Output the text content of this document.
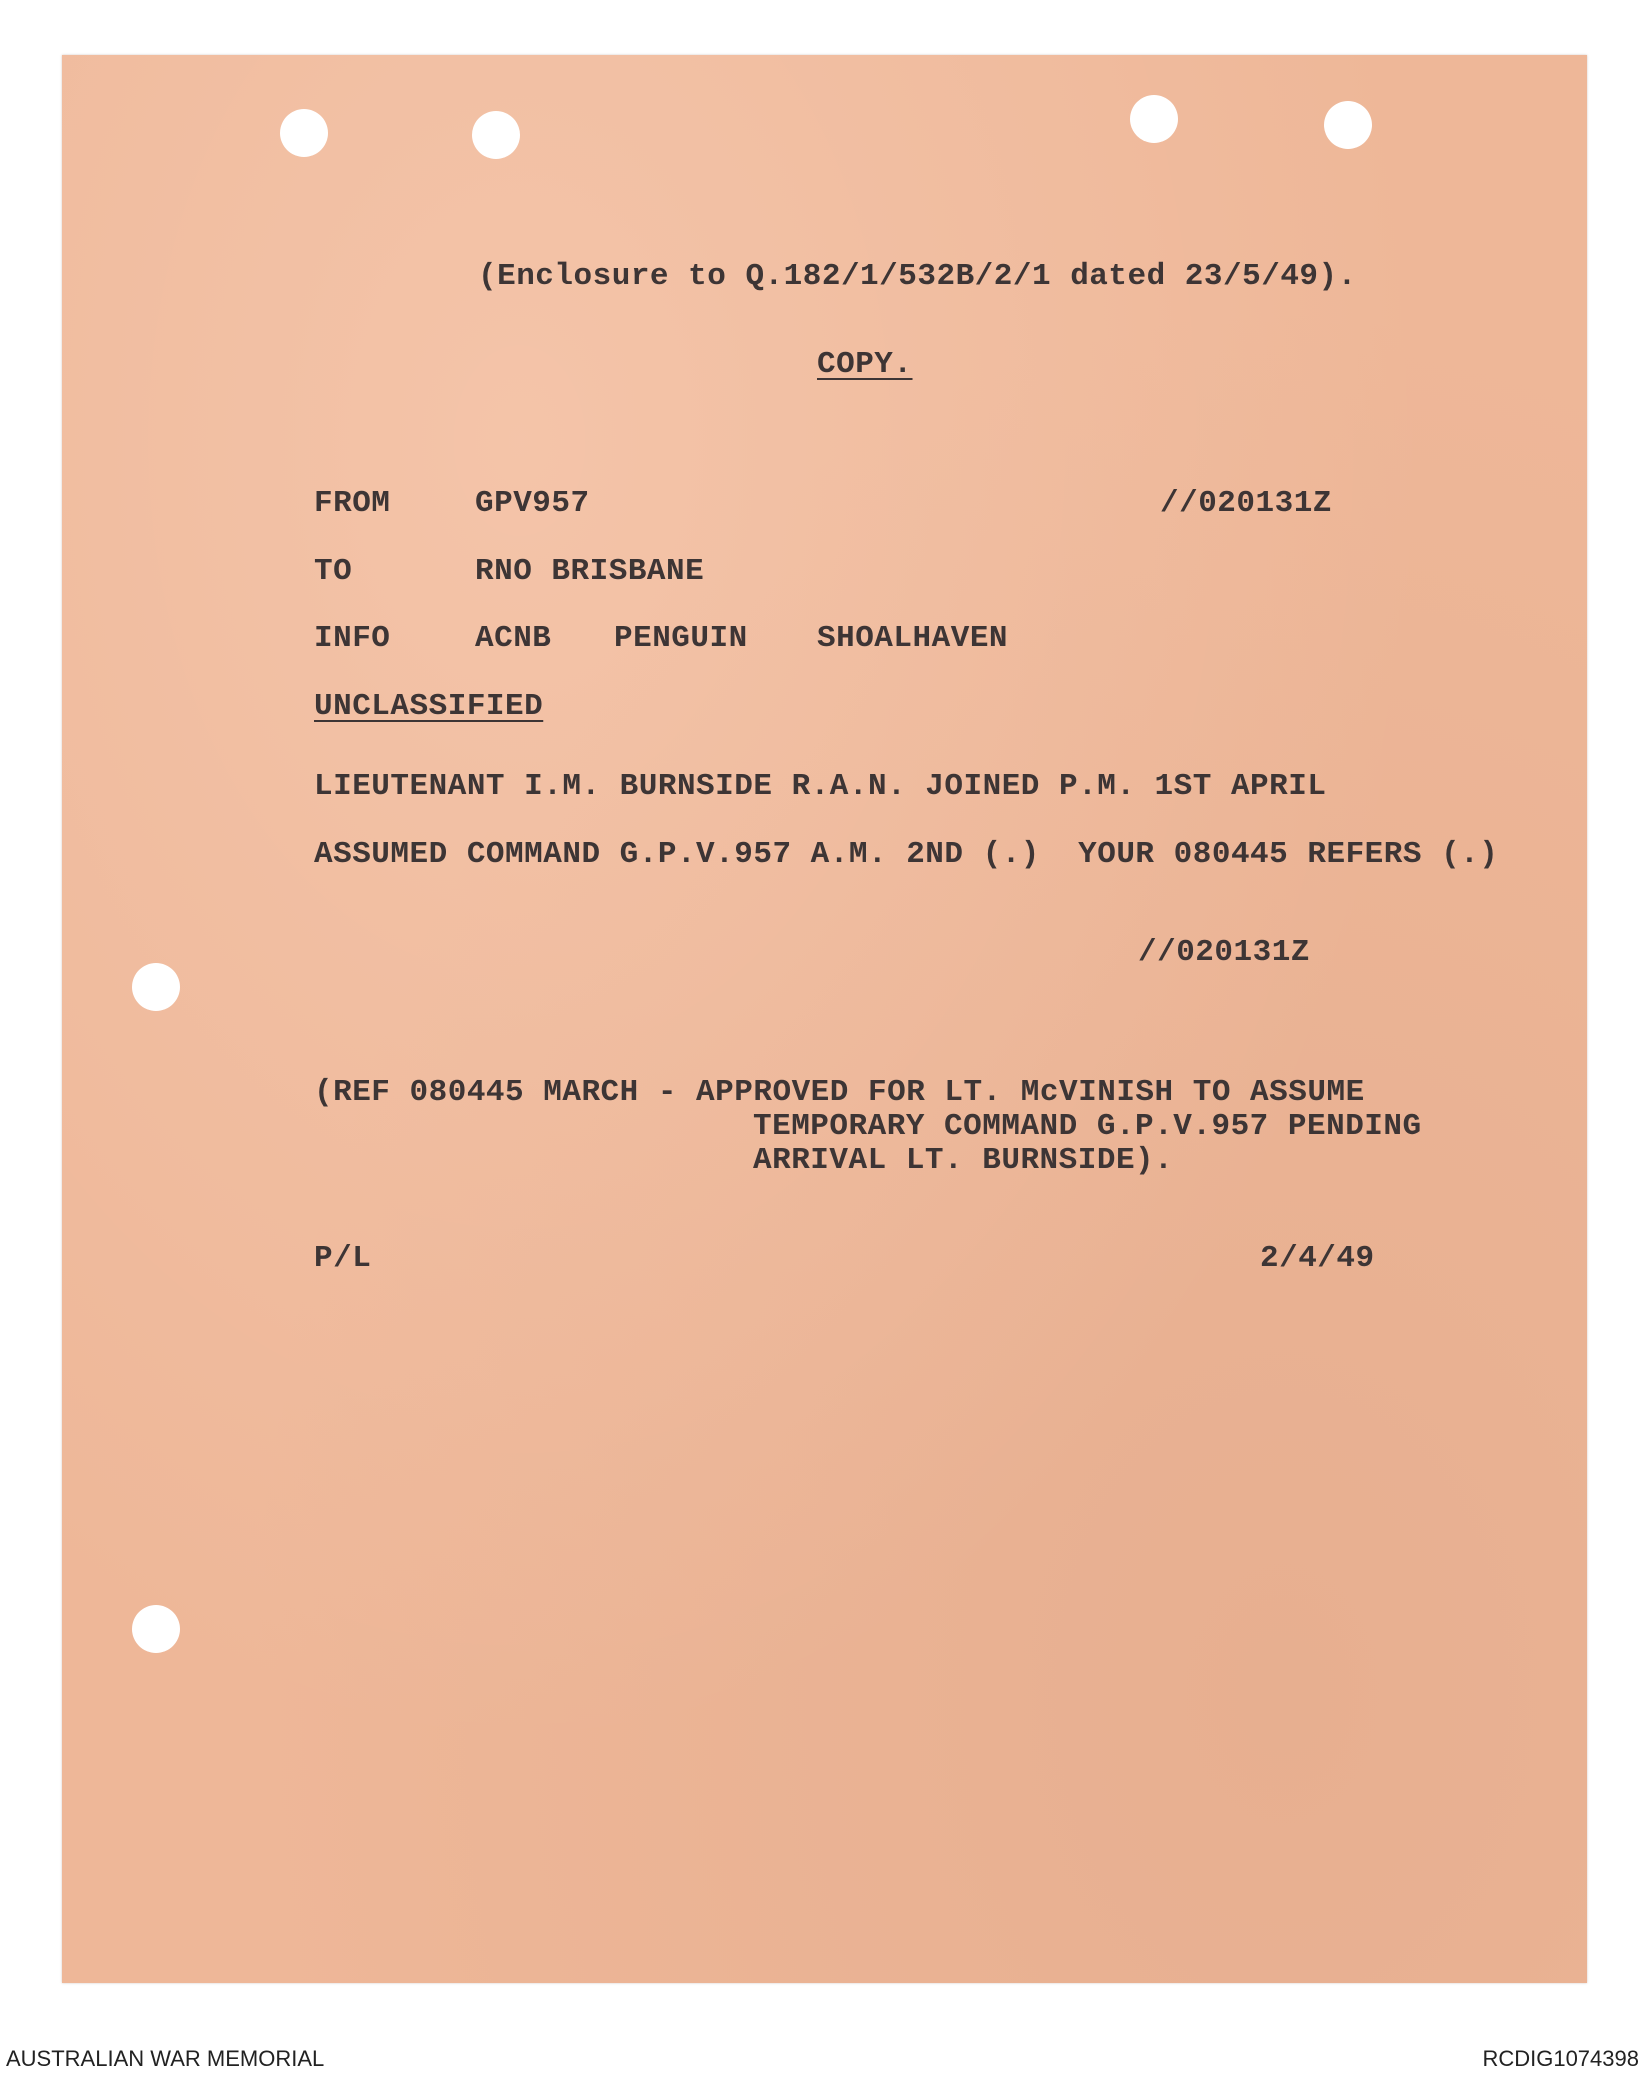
(Enclosure to Q.182/1/532B/2/1 dated 23/5/49).
COPY.
FROM	GPV957	//020131Z
TO	RNO BRISBANE
INFO	ACNB PENGUIN SHOALHAVEN
UNCLASSIFIED
LIEUTENANT I.M. BURNSIDE R.A.N. JOINED P.M. 1ST APRIL
ASSUMED COMMAND G.P.V.957 A.M. 2ND (.)  YOUR 080445 REFERS (.)
//020131Z
(REF 080445 MARCH - APPROVED FOR LT. McVINISH TO ASSUME
TEMPORARY COMMAND G.P.V.957 PENDING
ARRIVAL LT. BURNSIDE).
P/L	2/4/49
AUSTRALIAN WAR MEMORIAL	RCDIG1074398
